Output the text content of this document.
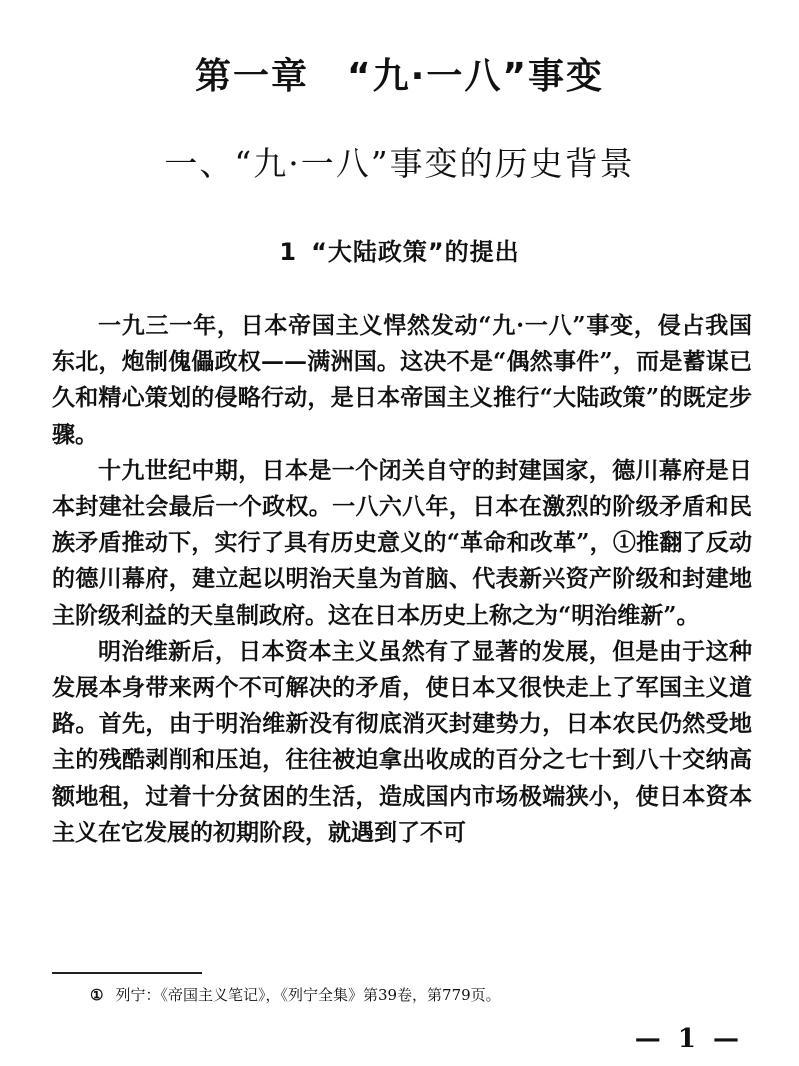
第一章　“九·一八”事变
一、“九·一八”事变的历史背景
1 “大陆政策”的提出

一九三一年，日本帝国主义悍然发动“九·一八”事变，侵占我国东北，炮制傀儡政权——满洲国。这决不是“偶然事件”，而是蓄谋已久和精心策划的侵略行动，是日本帝国主义推行“大陆政策”的既定步骤。

十九世纪中期，日本是一个闭关自守的封建国家，德川幕府是日本封建社会最后一个政权。一八六八年，日本在激烈的阶级矛盾和民族矛盾推动下，实行了具有历史意义的“革命和改革”，①推翻了反动的德川幕府，建立起以明治天皇为首脑、代表新兴资产阶级和封建地主阶级利益的天皇制政府。这在日本历史上称之为“明治维新”。

明治维新后，日本资本主义虽然有了显著的发展，但是由于这种发展本身带来两个不可解决的矛盾，使日本又很快走上了军国主义道路。首先，由于明治维新没有彻底消灭封建势力，日本农民仍然受地主的残酷剥削和压迫，往往被迫拿出收成的百分之七十到八十交纳高额地租，过着十分贫困的生活，造成国内市场极端狭小，使日本资本主义在它发展的初期阶段，就遇到了不可

① 列宁：《帝国主义笔记》，《列宁全集》第39卷，第779页。
— 1 —
